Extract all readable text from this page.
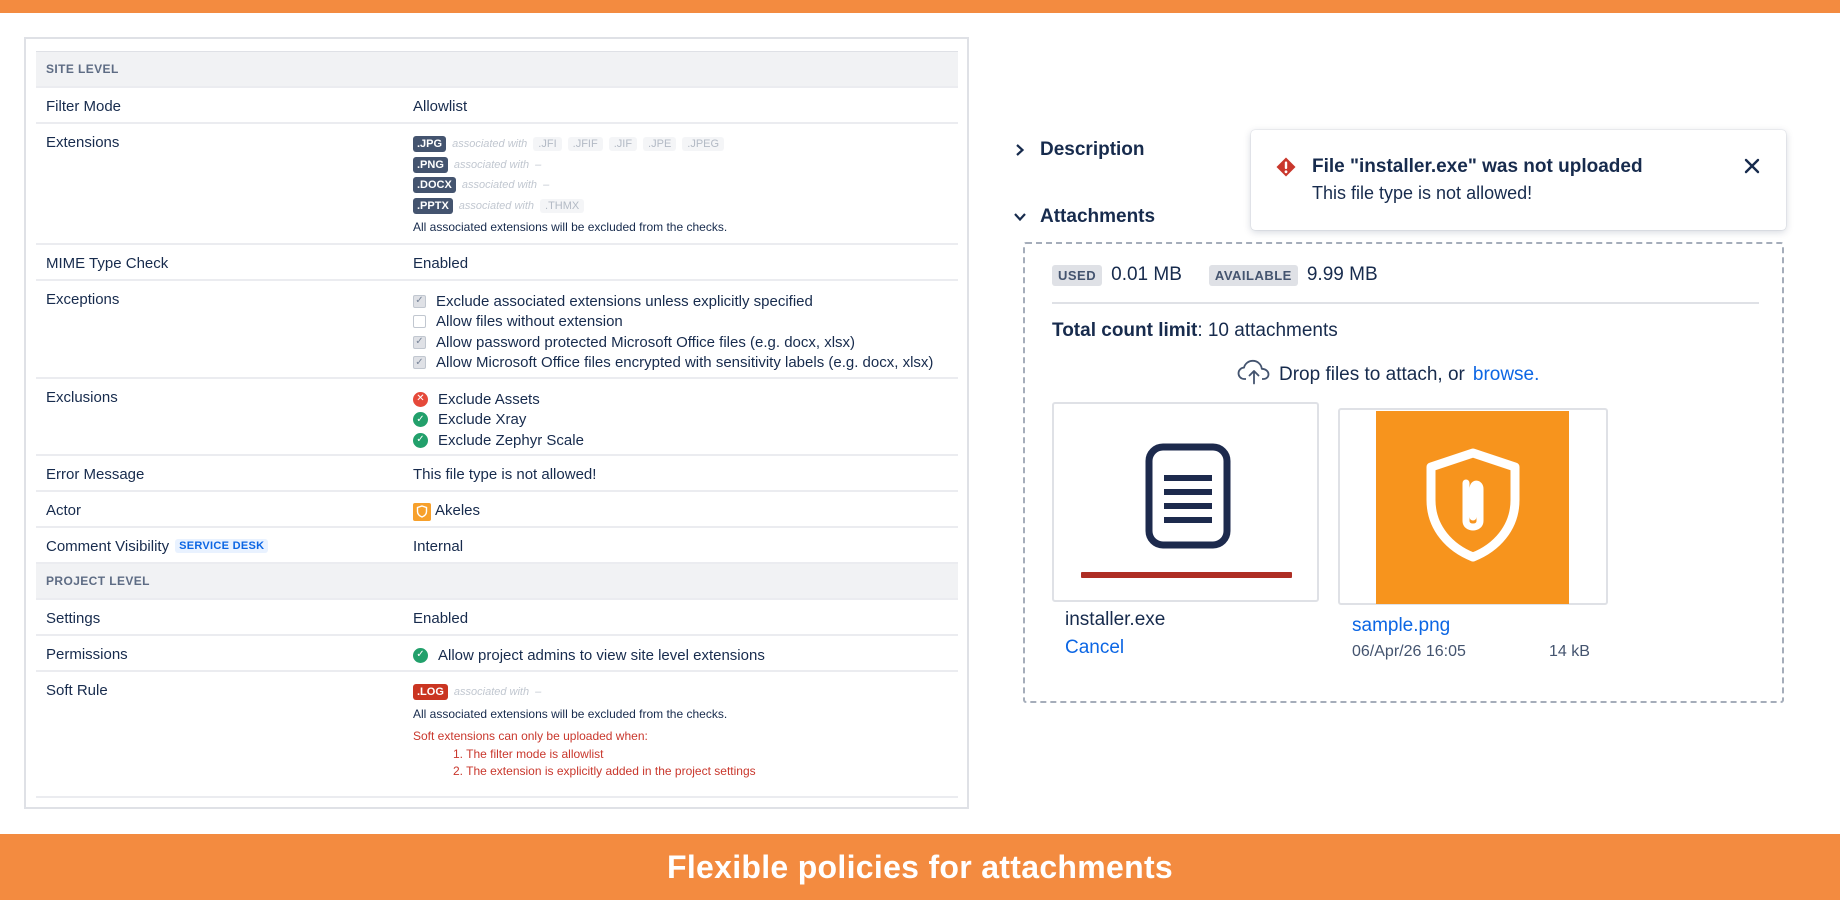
SITE LEVEL
Filter Mode	Allowlist
Extensions	.JPG associated with	.JFI	.JFIF	.JIF	.JPE	.JPEG
.PNG associated with –
.DOCX associated with –
.PPTX associated with	.THMX
All associated extensions will be excluded from the checks.
MIME Type Check	Enabled
Exceptions	✓ Exclude associated extensions unless explicitly specified
Allow files without extension
✓ Allow password protected Microsoft Office files (e.g. docx, xlsx)
✓ Allow Microsoft Office files encrypted with sensitivity labels (e.g. docx, xlsx)
Exclusions	✕ Exclude Assets
✓ Exclude Xray
✓ Exclude Zephyr Scale
Error Message	This file type is not allowed!
Actor	Akeles
Comment Visibility SERVICE DESK	Internal
PROJECT LEVEL
Settings	Enabled
Permissions	✓ Allow project admins to view site level extensions
Soft Rule	.LOG associated with –
All associated extensions will be excluded from the checks.
Soft extensions can only be uploaded when:
1. The filter mode is allowlist
2. The extension is explicitly added in the project settings
Description
Attachments
File "installer.exe" was not uploaded
This file type is not allowed!
USED 0.01 MB	AVAILABLE 9.99 MB
Total count limit: 10 attachments
Drop files to attach, or browse.
installer.exe
Cancel
sample.png
06/Apr/26 16:05	14 kB
Flexible policies for attachments
